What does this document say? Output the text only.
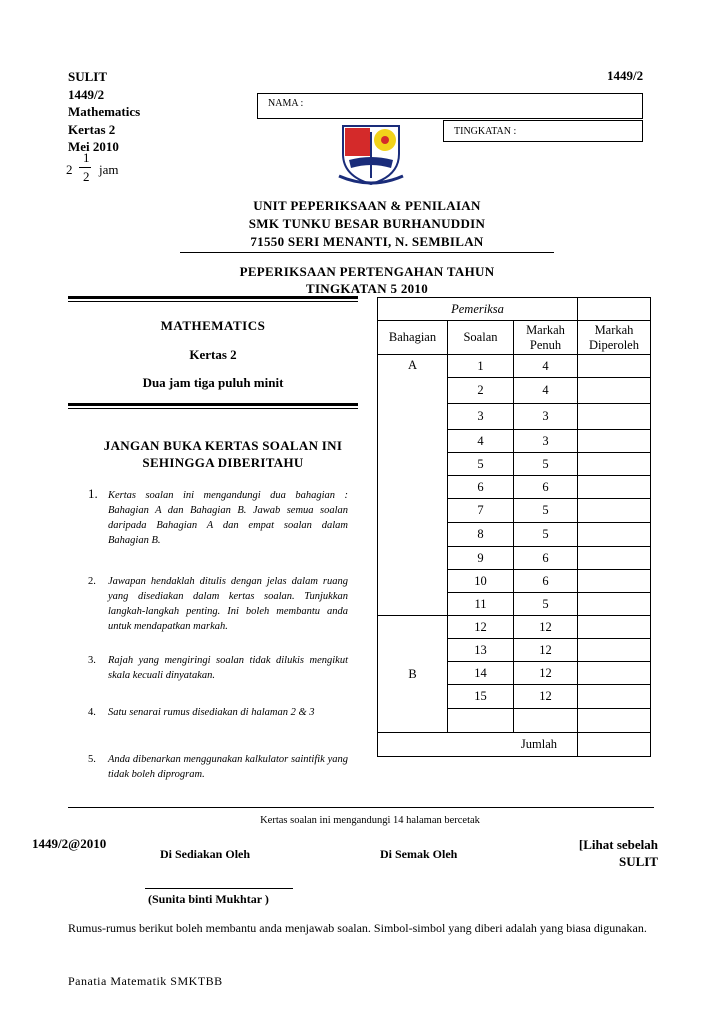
SULIT
1449/2
Mathematics
Kertas 2
Mei 2010
2
1
2 jam
1449/2
NAMA :
TINGKATAN :
UNIT PEPERIKSAAN & PENILAIAN
SMK TUNKU BESAR BURHANUDDIN
71550 SERI MENANTI, N. SEMBILAN
PEPERIKSAAN PERTENGAHAN TAHUN
TINGKATAN 5 2010
MATHEMATICS
Kertas 2
Dua jam tiga puluh minit
JANGAN BUKA KERTAS SOALAN INI
SEHINGGA DIBERITAHU
1. Kertas soalan ini mengandungi dua bahagian : Bahagian A dan Bahagian B. Jawab semua soalan daripada Bahagian A dan empat soalan dalam Bahagian B.
2. Jawapan hendaklah ditulis dengan jelas dalam ruang yang disediakan dalam kertas soalan. Tunjukkan langkah-langkah penting. Ini boleh membantu anda untuk mendapatkan markah.
3. Rajah yang mengiringi soalan tidak dilukis mengikut skala kecuali dinyatakan.
4. Satu senarai rumus disediakan di halaman 2 & 3
5. Anda dibenarkan menggunakan kalkulator saintifik yang tidak boleh diprogram.
Pemeriksa			
Bahagian	Soalan	Markah Penuh	Markah Diperoleh
A	1	4	
	2	4	
	3	3	
	4	3	
	5	5	
	6	6	
	7	5	
	8	5	
	9	6	
	10	6	
	11	5	
B	12	12	
	13	12	
	14	12	
	15	12	

Jumlah			
Kertas soalan ini mengandungi 14 halaman bercetak
1449/2@2010
Di Sediakan Oleh	Di Semak Oleh
[Lihat sebelah
SULIT
(Sunita binti Mukhtar )
Rumus-rumus berikut boleh membantu anda menjawab soalan. Simbol-simbol yang diberi adalah yang biasa digunakan.
Panatia Matematik SMKTBB
